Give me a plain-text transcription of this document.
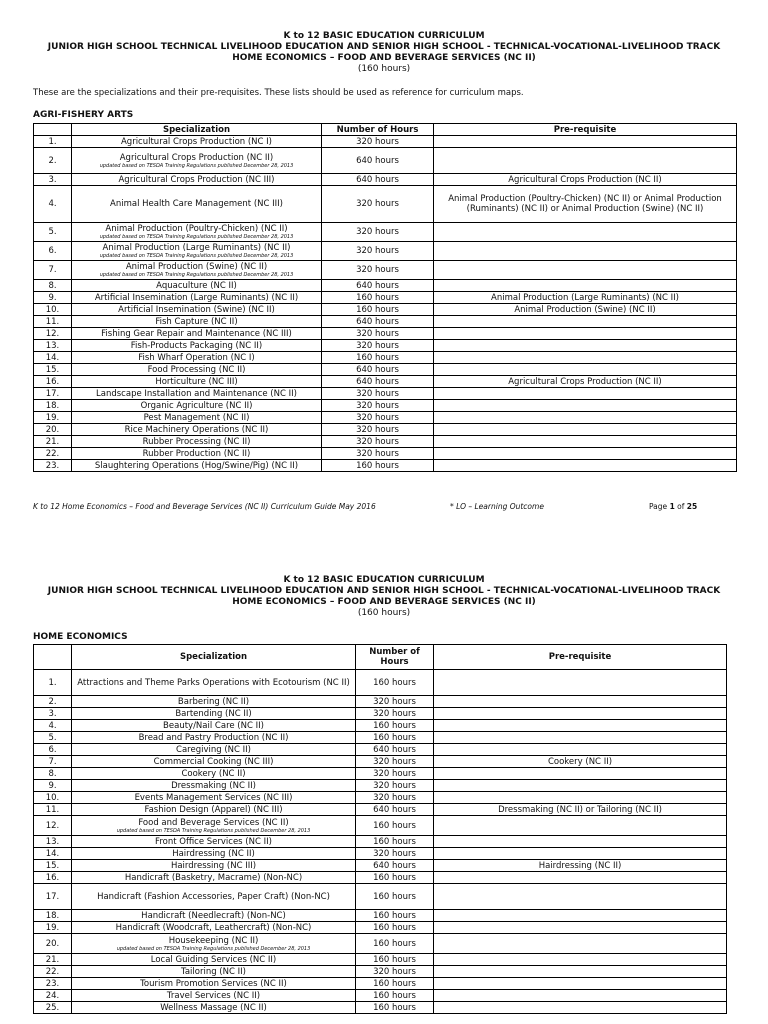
K to 12 BASIC EDUCATION CURRICULUM
JUNIOR HIGH SCHOOL TECHNICAL LIVELIHOOD EDUCATION AND SENIOR HIGH SCHOOL - TECHNICAL-VOCATIONAL-LIVELIHOOD TRACK
HOME ECONOMICS – FOOD AND BEVERAGE SERVICES (NC II)
(160 hours)
These are the specializations and their pre-requisites. These lists should be used as reference for curriculum maps.
AGRI-FISHERY ARTS
	Specialization	Number of Hours	Pre-requisite
1.	Agricultural Crops Production (NC I)	320 hours	
2.	Agricultural Crops Production (NC II)
updated based on TESDA Training Regulations published December 28, 2013	640 hours	
3.	Agricultural Crops Production (NC III)	640 hours	Agricultural Crops Production (NC II)
4.	Animal Health Care Management (NC III)	320 hours	Animal Production (Poultry-Chicken) (NC II) or Animal Production (Ruminants) (NC II) or Animal Production (Swine) (NC II)
5.	Animal Production (Poultry-Chicken) (NC II)
updated based on TESDA Training Regulations published December 28, 2013	320 hours	
6.	Animal Production (Large Ruminants) (NC II)
updated based on TESDA Training Regulations published December 28, 2013	320 hours	
7.	Animal Production (Swine) (NC II)
updated based on TESDA Training Regulations published December 28, 2013	320 hours	
8.	Aquaculture (NC II)	640 hours	
9.	Artificial Insemination (Large Ruminants) (NC II)	160 hours	Animal Production (Large Ruminants) (NC II)
10.	Artificial Insemination (Swine) (NC II)	160 hours	Animal Production (Swine) (NC II)
11.	Fish Capture (NC II)	640 hours	
12.	Fishing Gear Repair and Maintenance (NC III)	320 hours	
13.	Fish-Products Packaging (NC II)	320 hours	
14.	Fish Wharf Operation (NC I)	160 hours	
15.	Food Processing (NC II)	640 hours	
16.	Horticulture (NC III)	640 hours	Agricultural Crops Production (NC II)
17.	Landscape Installation and Maintenance (NC II)	320 hours	
18.	Organic Agriculture (NC II)	320 hours	
19.	Pest Management (NC II)	320 hours	
20.	Rice Machinery Operations (NC II)	320 hours	
21.	Rubber Processing (NC II)	320 hours	
22.	Rubber Production (NC II)	320 hours	
23.	Slaughtering Operations (Hog/Swine/Pig) (NC II)	160 hours	
K to 12 Home Economics – Food and Beverage Services (NC II) Curriculum Guide May 2016	* LO – Learning Outcome	Page 1 of 25
K to 12 BASIC EDUCATION CURRICULUM
JUNIOR HIGH SCHOOL TECHNICAL LIVELIHOOD EDUCATION AND SENIOR HIGH SCHOOL - TECHNICAL-VOCATIONAL-LIVELIHOOD TRACK
HOME ECONOMICS – FOOD AND BEVERAGE SERVICES (NC II)
(160 hours)
HOME ECONOMICS
	Specialization	Number of Hours	Pre-requisite
1.	Attractions and Theme Parks Operations with Ecotourism (NC II)	160 hours	
2.	Barbering (NC II)	320 hours	
3.	Bartending (NC II)	320 hours	
4.	Beauty/Nail Care (NC II)	160 hours	
5.	Bread and Pastry Production (NC II)	160 hours	
6.	Caregiving (NC II)	640 hours	
7.	Commercial Cooking (NC III)	320 hours	Cookery (NC II)
8.	Cookery (NC II)	320 hours	
9.	Dressmaking (NC II)	320 hours	
10.	Events Management Services (NC III)	320 hours	
11.	Fashion Design (Apparel) (NC III)	640 hours	Dressmaking (NC II) or Tailoring (NC II)
12.	Food and Beverage Services (NC II)
updated based on TESDA Training Regulations published December 28, 2013	160 hours	
13.	Front Office Services (NC II)	160 hours	
14.	Hairdressing (NC II)	320 hours	
15.	Hairdressing (NC III)	640 hours	Hairdressing (NC II)
16.	Handicraft (Basketry, Macrame) (Non-NC)	160 hours	
17.	Handicraft (Fashion Accessories, Paper Craft) (Non-NC)	160 hours	
18.	Handicraft (Needlecraft) (Non-NC)	160 hours	
19.	Handicraft (Woodcraft, Leathercraft) (Non-NC)	160 hours	
20.	Housekeeping (NC II)
updated based on TESDA Training Regulations published December 28, 2013	160 hours	
21.	Local Guiding Services (NC II)	160 hours	
22.	Tailoring (NC II)	320 hours	
23.	Tourism Promotion Services (NC II)	160 hours	
24.	Travel Services (NC II)	160 hours	
25.	Wellness Massage (NC II)	160 hours	
